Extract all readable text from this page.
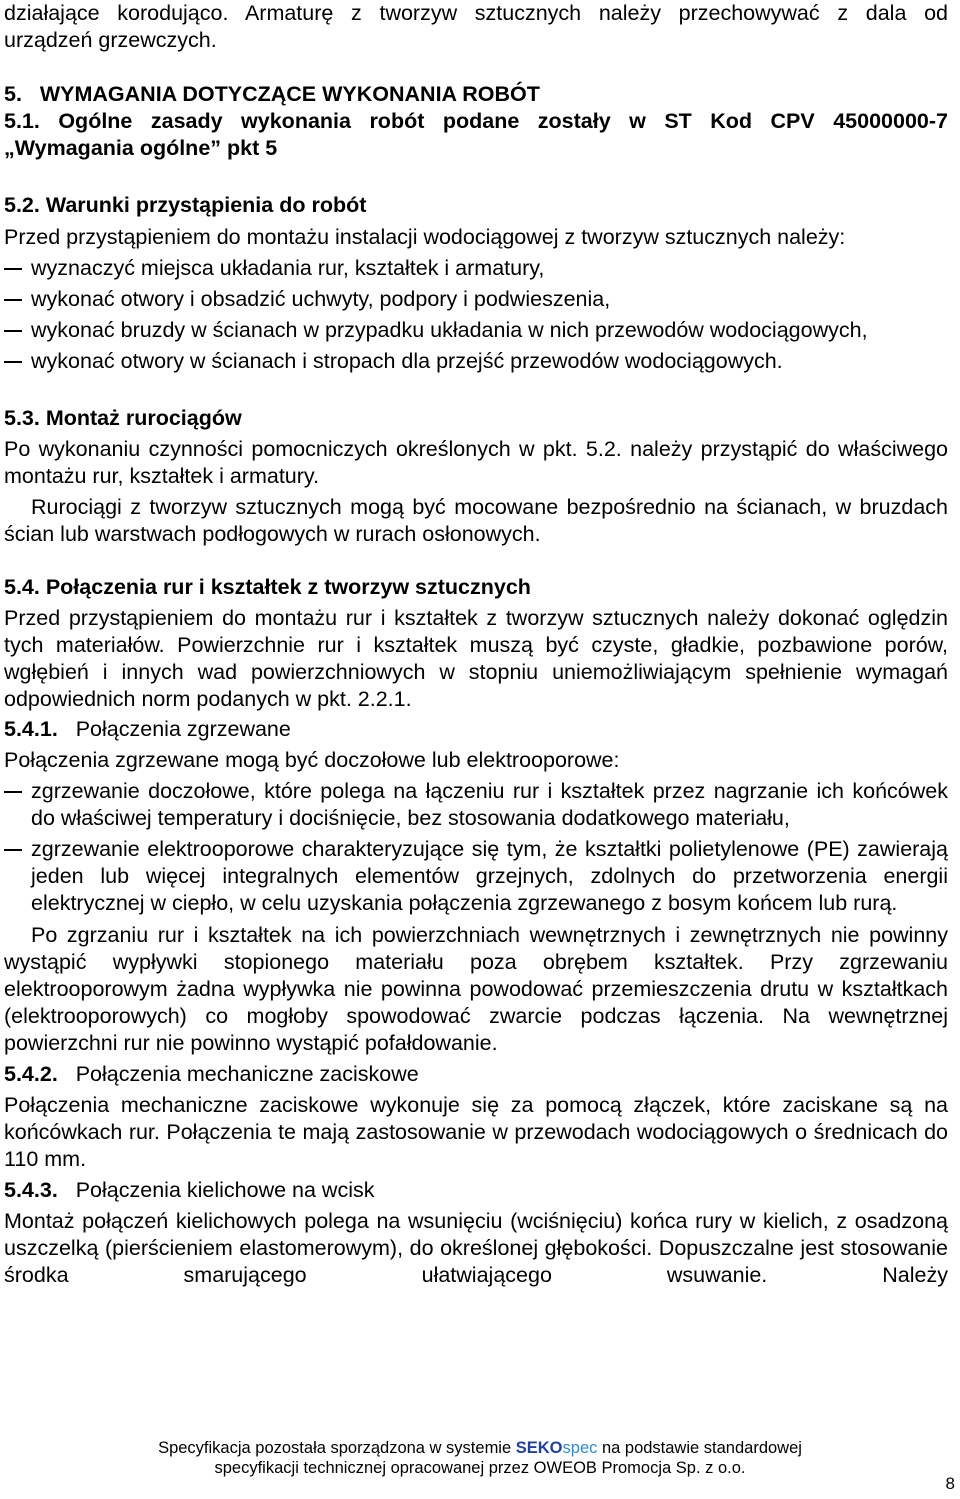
działające korodująco. Armaturę z tworzyw sztucznych należy przechowywać z dala od

urządzeń grzewczych.

5.   WYMAGANIA DOTYCZĄCE WYKONANIA ROBÓT

5.1. Ogólne zasady wykonania robót podane zostały w ST Kod CPV 45000000-7

„Wymagania ogólne” pkt 5

5.2. Warunki przystąpienia do robót

Przed przystąpieniem do montażu instalacji wodociągowej z tworzyw sztucznych należy:

wyznaczyć miejsca układania rur, kształtek i armatury,

wykonać otwory i obsadzić uchwyty, podpory i podwieszenia,

wykonać bruzdy w ścianach w przypadku układania w nich przewodów wodociągowych,

wykonać otwory w ścianach i stropach dla przejść przewodów wodociągowych.

5.3. Montaż rurociągów

Po wykonaniu czynności pomocniczych określonych w pkt. 5.2. należy przystąpić do właściwego montażu rur, kształtek i armatury.

Rurociągi z tworzyw sztucznych mogą być mocowane bezpośrednio na ścianach, w bruzdach ścian lub warstwach podłogowych w rurach osłonowych.

5.4. Połączenia rur i kształtek z tworzyw sztucznych

Przed przystąpieniem do montażu rur i kształtek z tworzyw sztucznych należy dokonać oględzin tych materiałów. Powierzchnie rur i kształtek muszą być czyste, gładkie, pozbawione porów, wgłębień i innych wad powierzchniowych w stopniu uniemożliwiającym spełnienie wymagań odpowiednich norm podanych w pkt. 2.2.1.

5.4.1. Połączenia zgrzewane

Połączenia zgrzewane mogą być doczołowe lub elektrooporowe:

zgrzewanie doczołowe, które polega na łączeniu rur i kształtek przez nagrzanie ich końcówek do właściwej temperatury i dociśnięcie, bez stosowania dodatkowego materiału,

zgrzewanie elektrooporowe charakteryzujące się tym, że kształtki polietylenowe (PE) zawierają jeden lub więcej integralnych elementów grzejnych, zdolnych do przetworzenia energii elektrycznej w ciepło, w celu uzyskania połączenia zgrzewanego z bosym końcem lub rurą.

Po zgrzaniu rur i kształtek na ich powierzchniach wewnętrznych i zewnętrznych nie powinny wystąpić wypływki stopionego materiału poza obrębem kształtek. Przy zgrzewaniu elektrooporowym żadna wypływka nie powinna powodować przemieszczenia drutu w kształtkach (elektrooporowych) co mogłoby spowodować zwarcie podczas łączenia. Na wewnętrznej powierzchni rur nie powinno wystąpić pofałdowanie.

5.4.2. Połączenia mechaniczne zaciskowe

Połączenia mechaniczne zaciskowe wykonuje się za pomocą złączek, które zaciskane są na końcówkach rur. Połączenia te mają zastosowanie w przewodach wodociągowych o średnicach do 110 mm.

5.4.3. Połączenia kielichowe na wcisk

Montaż połączeń kielichowych polega na wsunięciu (wciśnięciu) końca rury w kielich, z osadzoną uszczelką (pierścieniem elastomerowym), do określonej głębokości. Dopuszczalne jest stosowanie środka smarującego ułatwiającego wsuwanie. Należy

Specyfikacja pozostała sporządzona w systemie SEKOspec na podstawie standardowej
specyfikacji technicznej opracowanej przez OWEOB Promocja Sp. z o.o.
8
